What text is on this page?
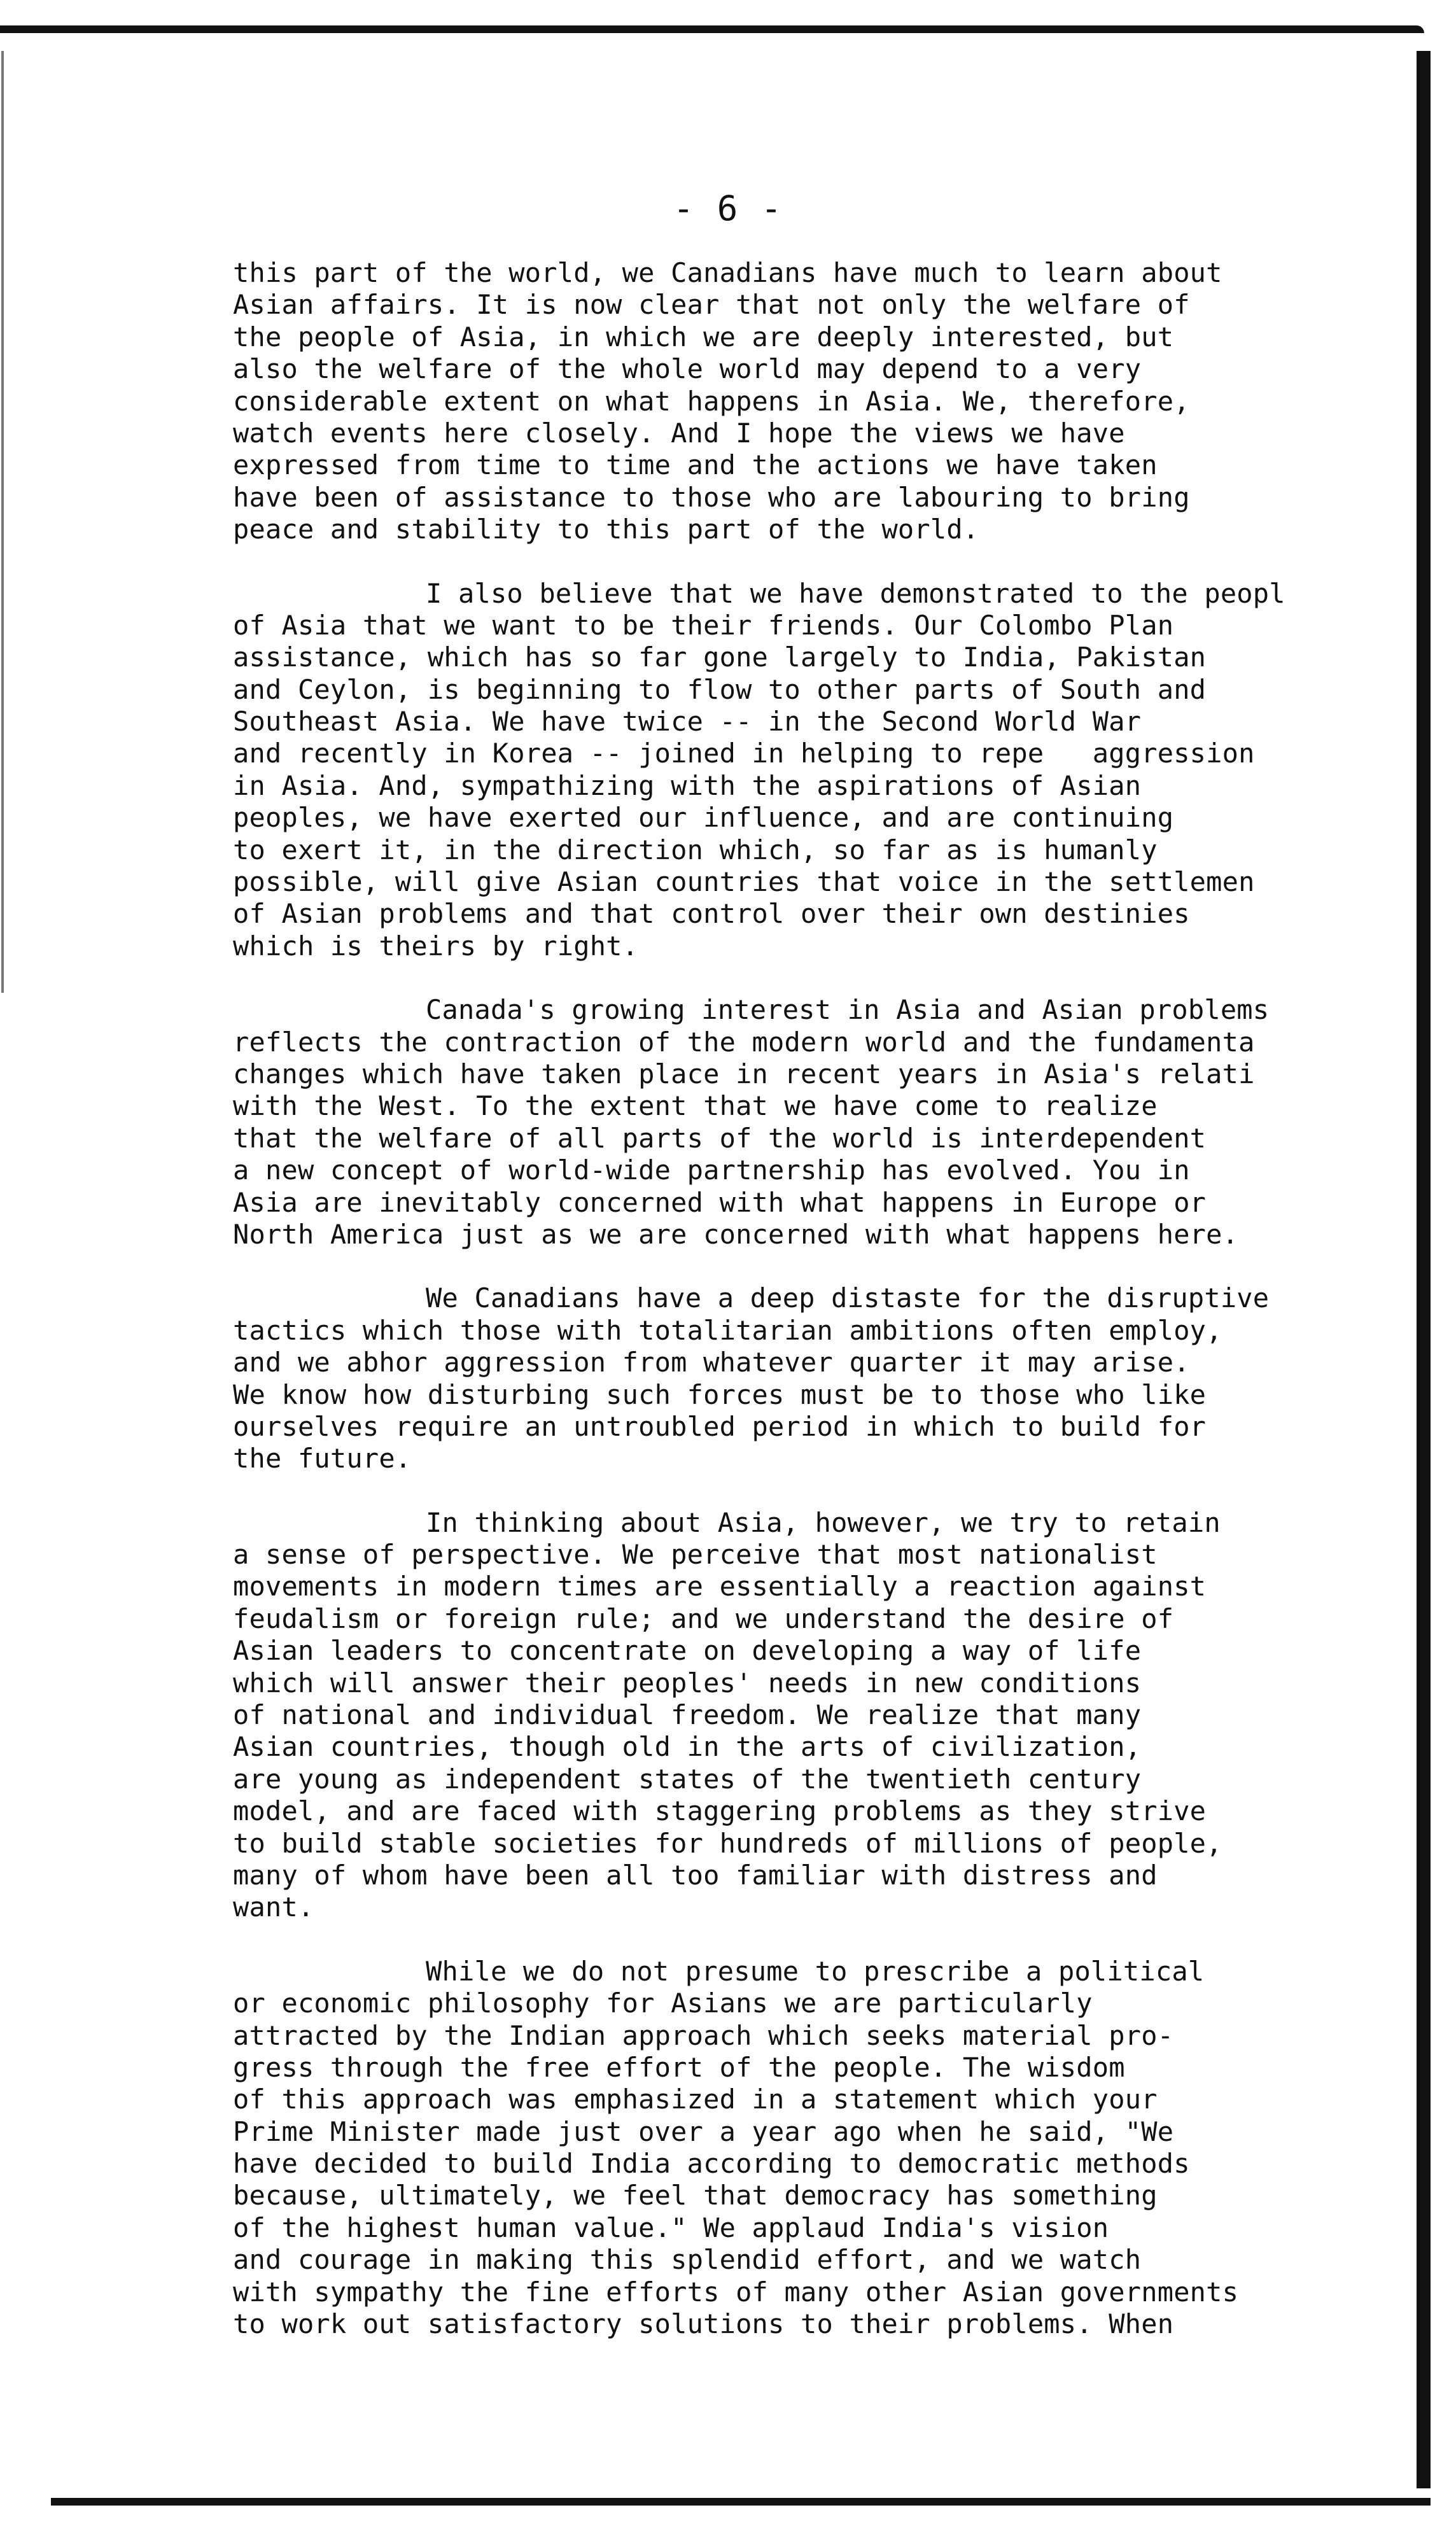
- 6 -
this part of the world, we Canadians have much to learn about
Asian affairs. It is now clear that not only the welfare of
the people of Asia, in which we are deeply interested, but
also the welfare of the whole world may depend to a very
considerable extent on what happens in Asia. We, therefore,
watch events here closely. And I hope the views we have
expressed from time to time and the actions we have taken
have been of assistance to those who are labouring to bring
peace and stability to this part of the world.
I also believe that we have demonstrated to the peopl
of Asia that we want to be their friends. Our Colombo Plan
assistance, which has so far gone largely to India, Pakistan
and Ceylon, is beginning to flow to other parts of South and
Southeast Asia. We have twice -- in the Second World War
and recently in Korea -- joined in helping to repe   aggression
in Asia. And, sympathizing with the aspirations of Asian
peoples, we have exerted our influence, and are continuing
to exert it, in the direction which, so far as is humanly
possible, will give Asian countries that voice in the settlemen
of Asian problems and that control over their own destinies
which is theirs by right.
Canada's growing interest in Asia and Asian problems
reflects the contraction of the modern world and the fundamenta
changes which have taken place in recent years in Asia's relati
with the West. To the extent that we have come to realize
that the welfare of all parts of the world is interdependent
a new concept of world-wide partnership has evolved. You in
Asia are inevitably concerned with what happens in Europe or
North America just as we are concerned with what happens here.
We Canadians have a deep distaste for the disruptive
tactics which those with totalitarian ambitions often employ,
and we abhor aggression from whatever quarter it may arise.
We know how disturbing such forces must be to those who like
ourselves require an untroubled period in which to build for
the future.
In thinking about Asia, however, we try to retain
a sense of perspective. We perceive that most nationalist
movements in modern times are essentially a reaction against
feudalism or foreign rule; and we understand the desire of
Asian leaders to concentrate on developing a way of life
which will answer their peoples' needs in new conditions
of national and individual freedom. We realize that many
Asian countries, though old in the arts of civilization,
are young as independent states of the twentieth century
model, and are faced with staggering problems as they strive
to build stable societies for hundreds of millions of people,
many of whom have been all too familiar with distress and
want.
While we do not presume to prescribe a political
or economic philosophy for Asians we are particularly
attracted by the Indian approach which seeks material pro-
gress through the free effort of the people. The wisdom
of this approach was emphasized in a statement which your
Prime Minister made just over a year ago when he said, "We
have decided to build India according to democratic methods
because, ultimately, we feel that democracy has something
of the highest human value." We applaud India's vision
and courage in making this splendid effort, and we watch
with sympathy the fine efforts of many other Asian governments
to work out satisfactory solutions to their problems. When
